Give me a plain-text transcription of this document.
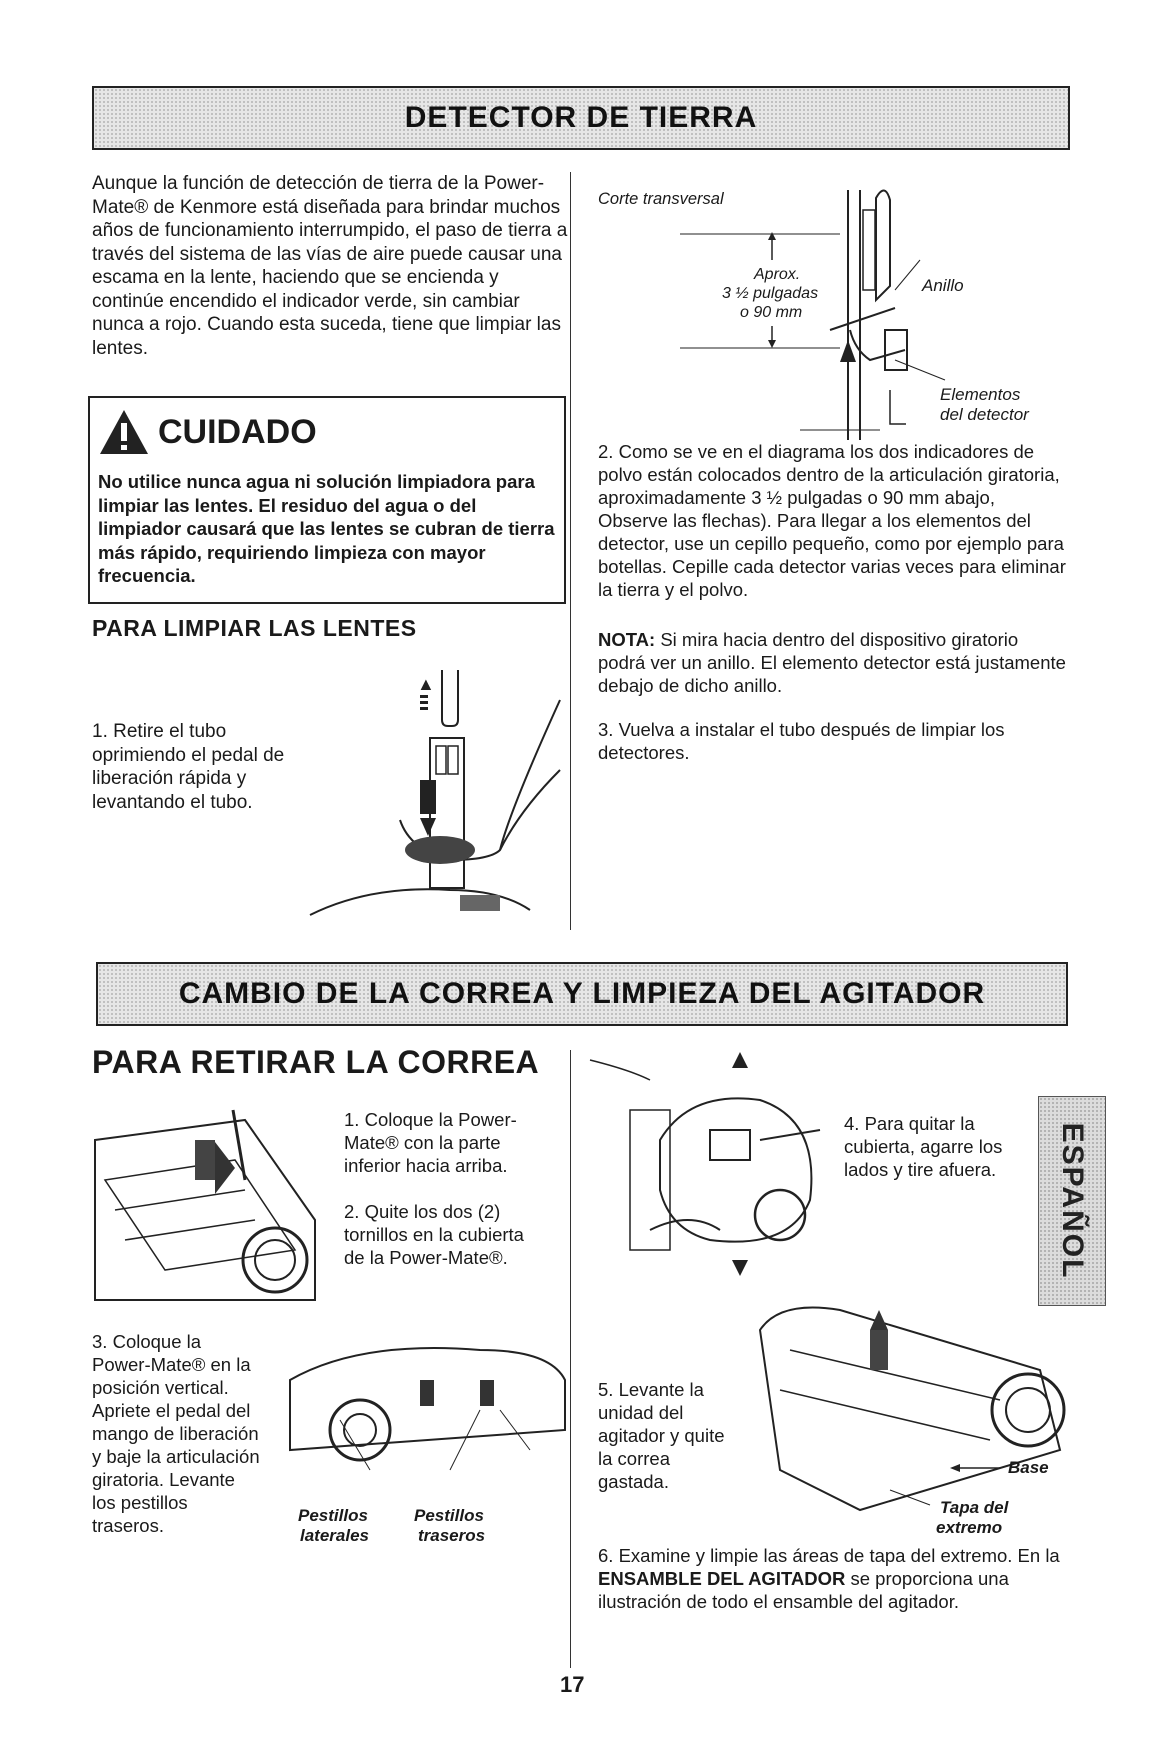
DETECTOR DE TIERRA
Aunque la función de detección de tierra de la Power-Mate® de Kenmore está diseñada para brindar muchos años de funcionamiento interrumpido, el paso de tierra a través del sistema de las vías de aire puede causar una escama en la lente, haciendo que se encienda y continúe encendido el indicador verde, sin cambiar nunca a rojo. Cuando esta suceda, tiene que limpiar las lentes.
CUIDADO
No utilice nunca agua ni solución limpiadora para limpiar las lentes. El residuo del agua o del limpiador causará que las lentes se cubran de tierra más rápido, requiriendo limpieza con mayor frecuencia.
PARA LIMPIAR LAS LENTES
1. Retire el tubo oprimiendo el pedal de liberación rápida y levantando el tubo.
▲
Corte transversal
Aprox.
3 ½ pulgadas
o 90 mm
Anillo
Elementos
del detector
2. Como se ve en el diagrama los dos indicadores de polvo están colocados dentro de la articulación giratoria, aproximadamente 3 ½ pulgadas o 90 mm abajo, Observe las flechas). Para llegar a los elementos del detector, use un cepillo pequeño, como por ejemplo para botellas. Cepille cada detector varias veces para eliminar la tierra y el polvo.
NOTA: Si mira hacia dentro del dispositivo giratorio podrá ver un anillo. El elemento detector está justamente debajo de dicho anillo.
3. Vuelva a instalar el tubo después de limpiar los detectores.
CAMBIO DE LA CORREA Y LIMPIEZA DEL AGITADOR
PARA RETIRAR LA CORREA
1. Coloque la Power-Mate® con la parte inferior hacia arriba.
2. Quite los dos (2) tornillos en la cubierta de la Power-Mate®.
3. Coloque la Power-Mate® en la posición vertical. Apriete el pedal del mango de liberación y baje la articulación giratoria. Levante los pestillos traseros.	Pestillos
laterales
Pestillos
traseros
4. Para quitar la cubierta, agarre los lados y tire afuera.	ESPAÑOL
5. Levante la unidad del agitador y quite la correa gastada.
Base
Tapa del
extremo
6. Examine y limpie las áreas de tapa del extremo. En la ENSAMBLE DEL AGITADOR se proporciona una ilustración de todo el ensamble del agitador.
17
